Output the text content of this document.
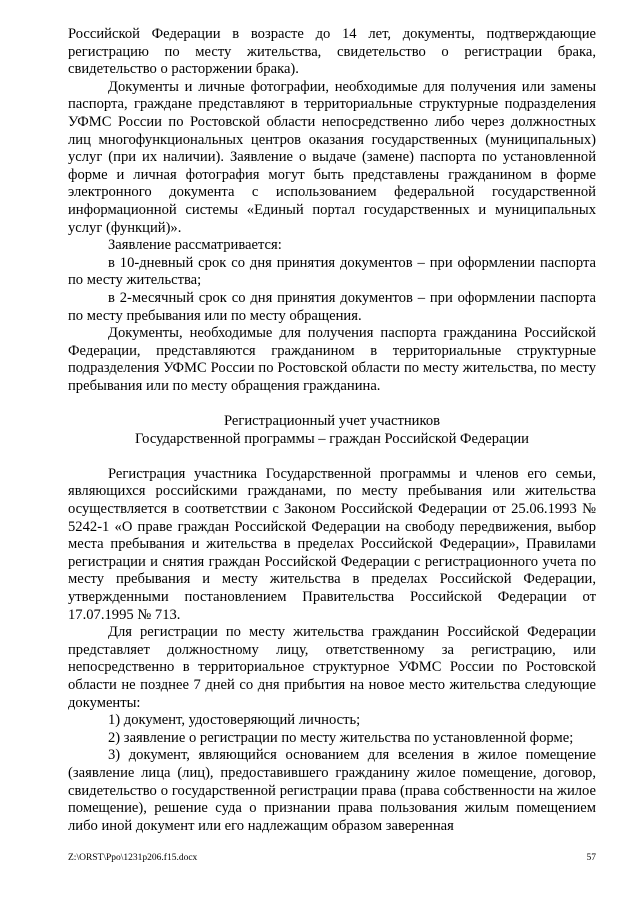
Российской Федерации в возрасте до 14 лет, документы, подтверждающие регистрацию по месту жительства, свидетельство о регистрации брака, свидетельство о расторжении брака).

Документы и личные фотографии, необходимые для получения или замены паспорта, граждане представляют в территориальные структурные подразделения УФМС России по Ростовской области непосредственно либо через должностных лиц многофункциональных центров оказания государственных (муниципальных) услуг (при их наличии). Заявление о выдаче (замене) паспорта по установленной форме и личная фотография могут быть представлены гражданином в форме электронного документа с использованием федеральной государственной информационной системы «Единый портал государственных и муниципальных услуг (функций)».

Заявление рассматривается:

в 10-дневный срок со дня принятия документов – при оформлении паспорта по месту жительства;

в 2-месячный срок со дня принятия документов – при оформлении паспорта по месту пребывания или по месту обращения.

Документы, необходимые для получения паспорта гражданина Российской Федерации, представляются гражданином в территориальные структурные подразделения УФМС России по Ростовской области по месту жительства, по месту пребывания или по месту обращения гражданина.

Регистрационный учет участников
Государственной программы – граждан Российской Федерации

Регистрация участника Государственной программы и членов его семьи, являющихся российскими гражданами, по месту пребывания или жительства осуществляется в соответствии с Законом Российской Федерации от 25.06.1993 № 5242-1 «О праве граждан Российской Федерации на свободу передвижения, выбор места пребывания и жительства в пределах Российской Федерации», Правилами регистрации и снятия граждан Российской Федерации с регистрационного учета по месту пребывания и месту жительства в пределах Российской Федерации, утвержденными постановлением Правительства Российской Федерации от 17.07.1995 № 713.

Для регистрации по месту жительства гражданин Российской Федерации представляет должностному лицу, ответственному за регистрацию, или непосредственно в территориальное структурное УФМС России по Ростовской области не позднее 7 дней со дня прибытия на новое место жительства следующие документы:

1) документ, удостоверяющий личность;

2) заявление о регистрации по месту жительства по установленной форме;

3) документ, являющийся основанием для вселения в жилое помещение (заявление лица (лиц), предоставившего гражданину жилое помещение, договор, свидетельство о государственной регистрации права (права собственности на жилое помещение), решение суда о признании права пользования жилым помещением либо иной документ или его надлежащим образом заверенная

Z:\ORST\Ppo\1231p206.f15.docx	57
